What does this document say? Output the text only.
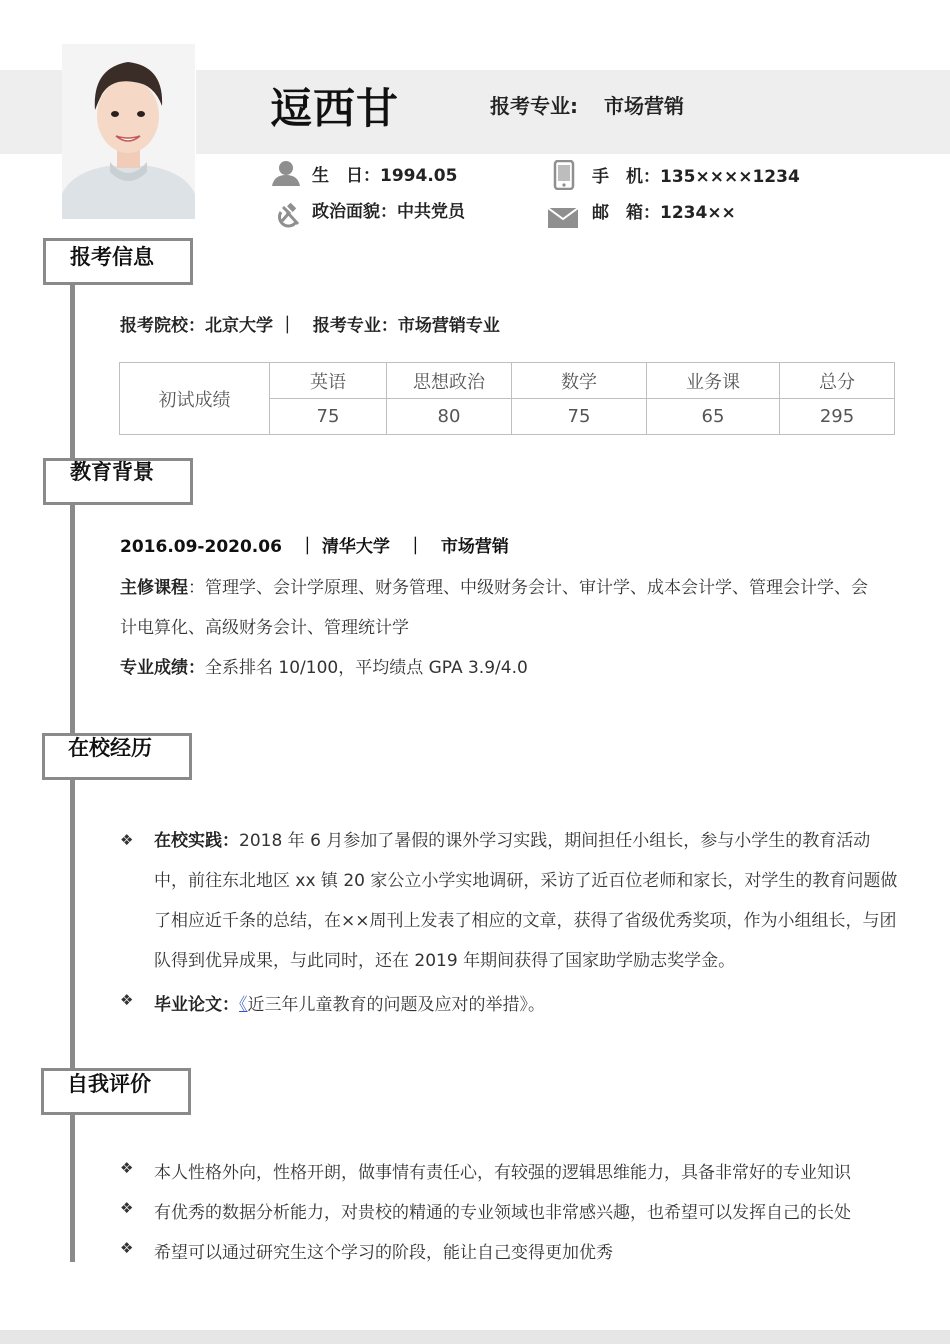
逗西甘	报考专业: 市场营销
生　日：1994.05
政治面貌：中共党员
手　机：135××××1234
邮　箱：1234××
报考信息
报考院校：北京大学 ｜　报考专业：市场营销专业
初试成绩	英语	思想政治	数学	业务课	总分
	75	80	75	65	295
教育背景
2016.09-2020.06　｜ 清华大学　｜　市场营销
主修课程：管理学、会计学原理、财务管理、中级财务会计、审计学、成本会计学、管理会计学、会
计电算化、高级财务会计、管理统计学
专业成绩：全系排名 10/100，平均绩点 GPA 3.9/4.0
在校经历
❖ 在校实践：2018 年 6 月参加了暑假的课外学习实践，期间担任小组长，参与小学生的教育活动中，前往东北地区 xx 镇 20 家公立小学实地调研，采访了近百位老师和家长，对学生的教育问题做了相应近千条的总结，在××周刊上发表了相应的文章，获得了省级优秀奖项，作为小组组长，与团队得到优异成果，与此同时，还在 2019 年期间获得了国家助学励志奖学金。
❖ 毕业论文：《近三年儿童教育的问题及应对的举措》。
自我评价
❖ 本人性格外向，性格开朗，做事情有责任心，有较强的逻辑思维能力，具备非常好的专业知识
❖ 有优秀的数据分析能力，对贵校的精通的专业领域也非常感兴趣，也希望可以发挥自己的长处
❖ 希望可以通过研究生这个学习的阶段，能让自己变得更加优秀
